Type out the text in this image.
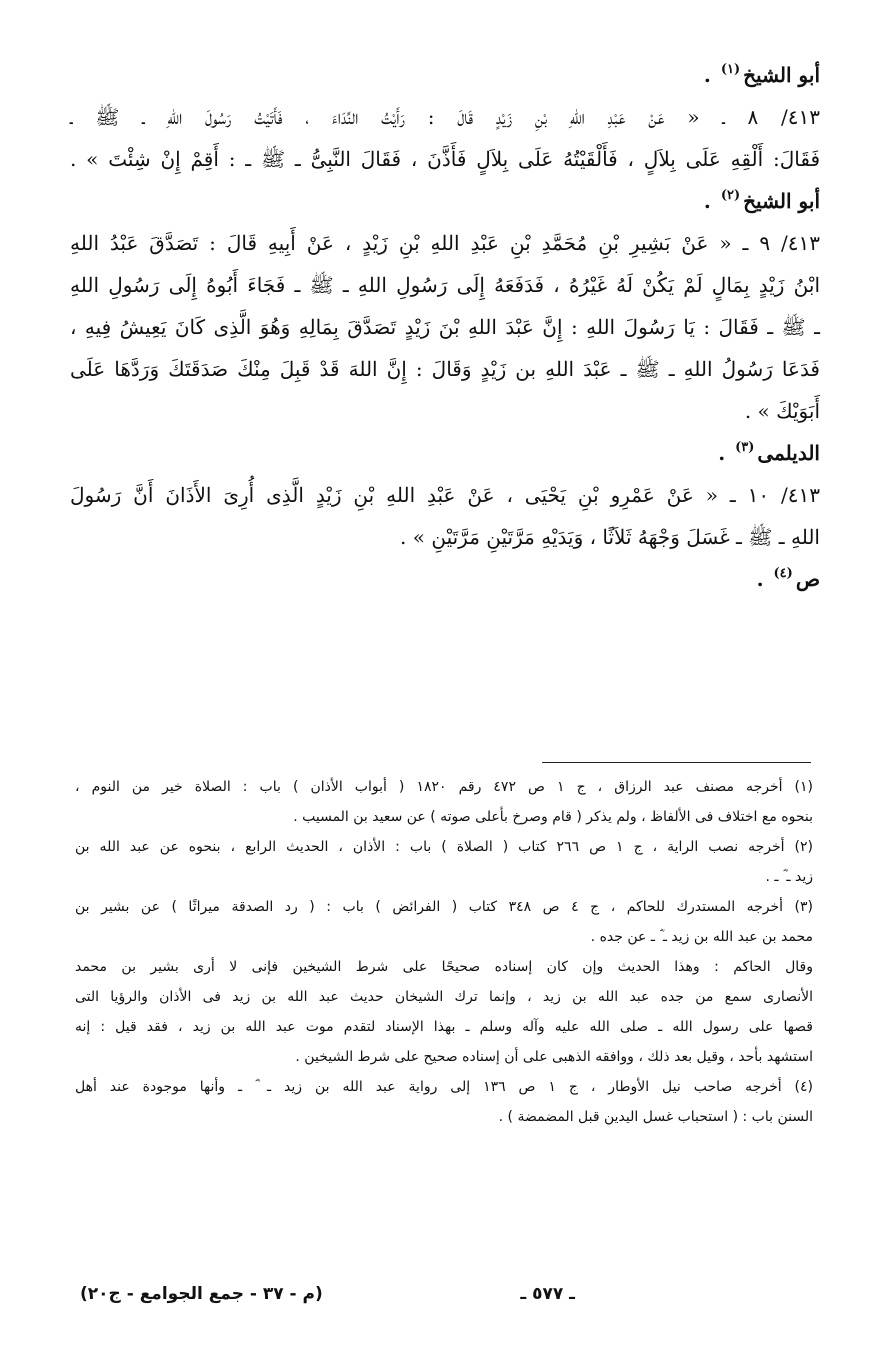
أبو الشيخ$^{(١)}$ .
٤١٣/ ٨ ـ « عَنْ عَبْدِ اللهِ بْنِ زَيْدٍ قَالَ : رَأَيْتُ النِّدَاءَ ، فَأَتَيْتُ رَسُولَ اللهِ ـ ﷺ ـ
فَقَالَ: أَلْقِهِ عَلَى بِلاَلٍ ، فَأَلْقَيْتُهُ عَلَى بِلاَلٍ فَأَذَّنَ ، فَقَالَ النَّبِىُّ ـ ﷺ ـ : أَقِمْ إِنْ شِئْتَ » .
أبو الشيخ$^{(٢)}$ .
٤١٣/ ٩ ـ « عَنْ بَشِيرِ بْنِ مُحَمَّدِ بْنِ عَبْدِ اللهِ بْنِ زَيْدٍ ، عَنْ أَبِيهِ قَالَ : تَصَدَّقَ عَبْدُ اللهِ
ابْنُ زَيْدٍ بِمَالٍ لَمْ يَكُنْ لَهُ غَيْرُهُ ، فَدَفَعَهُ إِلَى رَسُولِ اللهِ ـ ﷺ ـ فَجَاءَ أَبُوهُ إِلَى رَسُولِ اللهِ
ـ ﷺ ـ فَقَالَ : يَا رَسُولَ اللهِ : إِنَّ عَبْدَ اللهِ بْنَ زَيْدٍ تَصَدَّقَ بِمَالِهِ وَهُوَ الَّذِى كَانَ يَعِيشُ فِيهِ ،
فَدَعَا رَسُولُ اللهِ ـ ﷺ ـ عَبْدَ اللهِ بن زَيْدٍ وَقَالَ : إِنَّ اللهَ قَدْ قَبِلَ مِنْكَ صَدَقَتَكَ وَرَدَّهَا عَلَى
أَبَوَيْكَ » .
الديلمى$^{(٣)}$ .
٤١٣/ ١٠ ـ « عَنْ عَمْرِو بْنِ يَحْيَى ، عَنْ عَبْدِ اللهِ بْنِ زَيْدٍ الَّذِى أُرِىَ الأَذَانَ أَنَّ رَسُولَ
اللهِ ـ ﷺ ـ غَسَلَ وَجْهَهُ ثَلاَثًا ، وَيَدَيْهِ مَرَّتَيْنِ مَرَّتَيْنِ » .
ص$^{(٤)}$ .
(١) أخرجه مصنف عبد الرزاق ، ج ١ ص ٤٧٢ رقم ١٨٢٠ ( أبواب الأذان ) باب : الصلاة خير من النوم ،
بنحوه مع اختلاف فى الألفاظ ، ولم يذكر ( قام وصرخ بأعلى صوته ) عن سعيد بن المسيب .
(٢) أخرجه نصب الراية ، ج ١ ص ٢٦٦ كتاب ( الصلاة ) باب : الأذان ، الحديث الرابع ، بنحوه عن عبد الله بن
زيد ـ ؓ ـ .
(٣) أخرجه المستدرك للحاكم ، ج ٤ ص ٣٤٨ كتاب ( الفرائض ) باب : ( رد الصدقة ميراثًا ) عن بشير بن
محمد بن عبد الله بن زيد ـ ؓ ـ عن جده .
وقال الحاكم : وهذا الحديث وإن كان إسناده صحيحًا على شرط الشيخين فإنى لا أرى بشير بن محمد
الأنصارى سمع من جده عبد الله بن زيد ، وإنما ترك الشيخان حديث عبد الله بن زيد فى الأذان والرؤيا التى
قصها على رسول الله ـ صلى الله عليه وآله وسلم ـ بهذا الإسناد لتقدم موت عبد الله بن زيد ، فقد قيل : إنه
استشهد بأحد ، وقيل بعد ذلك ، ووافقه الذهبى على أن إسناده صحيح على شرط الشيخين .
(٤) أخرجه صاحب نيل الأوطار ، ج ١ ص ١٣٦ إلى رواية عبد الله بن زيد ـ ؓ ـ وأنها موجودة عند أهل
السنن باب : ( استحباب غسل اليدين قبل المضمضة ) .
ـ ٥٧٧ ـ
(م - ٣٧ - جمع الجوامع - ج٢٠)
